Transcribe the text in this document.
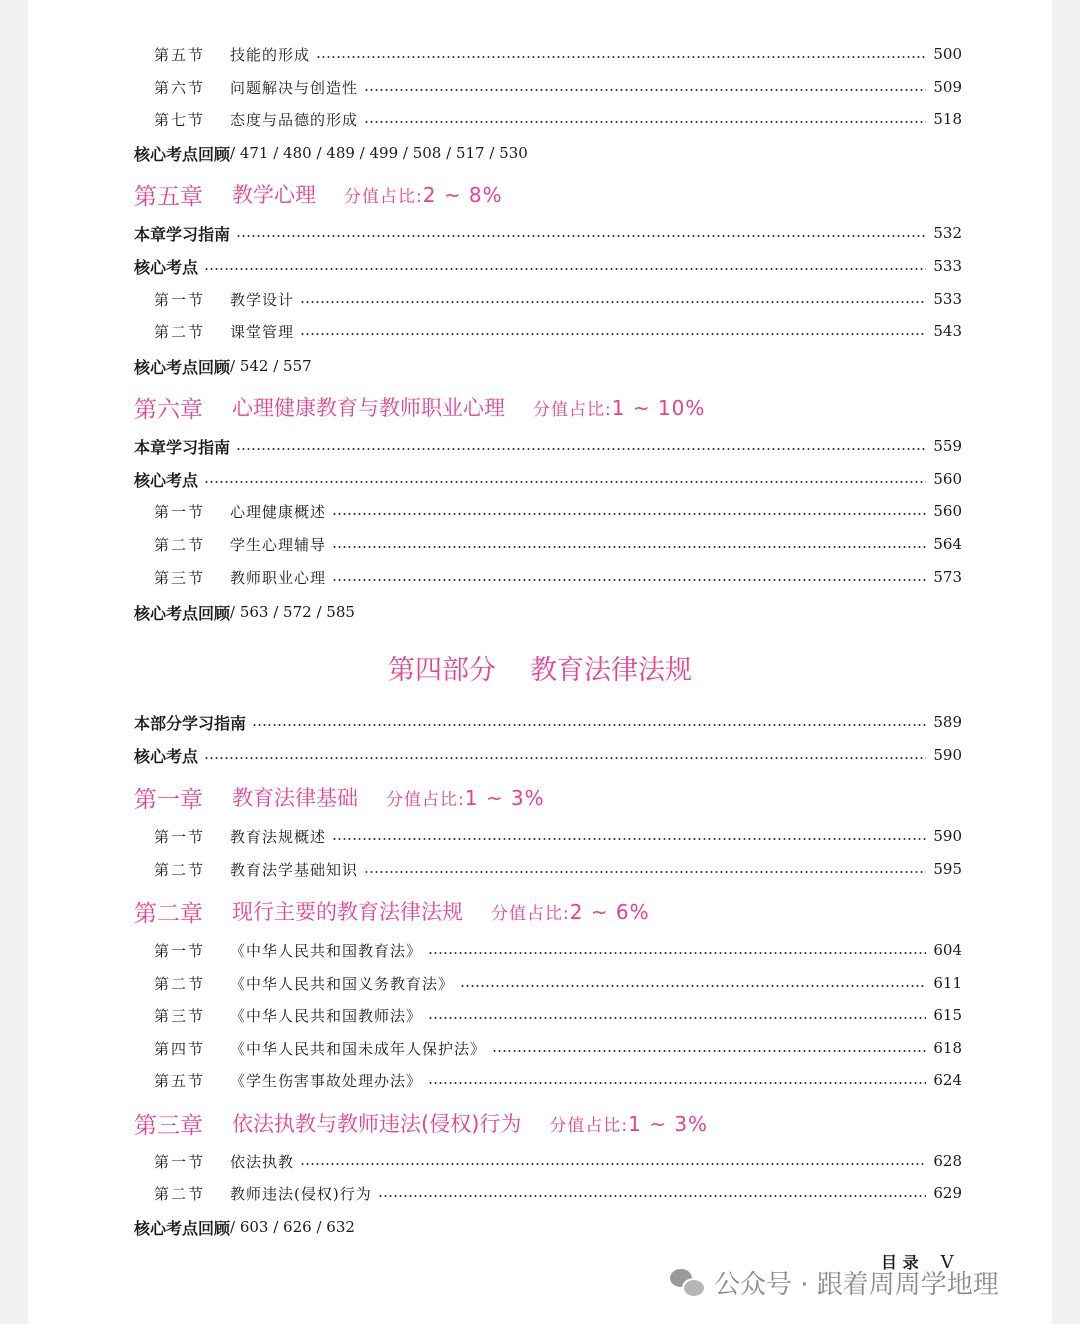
第五节	技能的形成	500
第六节	问题解决与创造性	509
第七节	态度与品德的形成	518
核心考点回顾 / 471 / 480 / 489 / 499 / 508 / 517 / 530
第五章	教学心理 分值占比:2 ~ 8%
本章学习指南	532
核心考点	533
第一节	教学设计	533
第二节	课堂管理	543
核心考点回顾 / 542 / 557
第六章	心理健康教育与教师职业心理 分值占比:1 ~ 10%
本章学习指南	559
核心考点	560
第一节	心理健康概述	560
第二节	学生心理辅导	564
第三节	教师职业心理	573
核心考点回顾 / 563 / 572 / 585
第四部分 教育法律法规
本部分学习指南	589
核心考点	590
第一章	教育法律基础 分值占比:1 ~ 3%
第一节	教育法规概述	590
第二节	教育法学基础知识	595
第二章	现行主要的教育法律法规 分值占比:2 ~ 6%
第一节	《中华人民共和国教育法》	604
第二节	《中华人民共和国义务教育法》	611
第三节	《中华人民共和国教师法》	615
第四节	《中华人民共和国未成年人保护法》	618
第五节	《学生伤害事故处理办法》	624
第三章	依法执教与教师违法(侵权)行为 分值占比:1 ~ 3%
第一节	依法执教	628
第二节	教师违法(侵权)行为	629
核心考点回顾 / 603 / 626 / 632
目 录 V
公众号 · 跟着周周学地理
